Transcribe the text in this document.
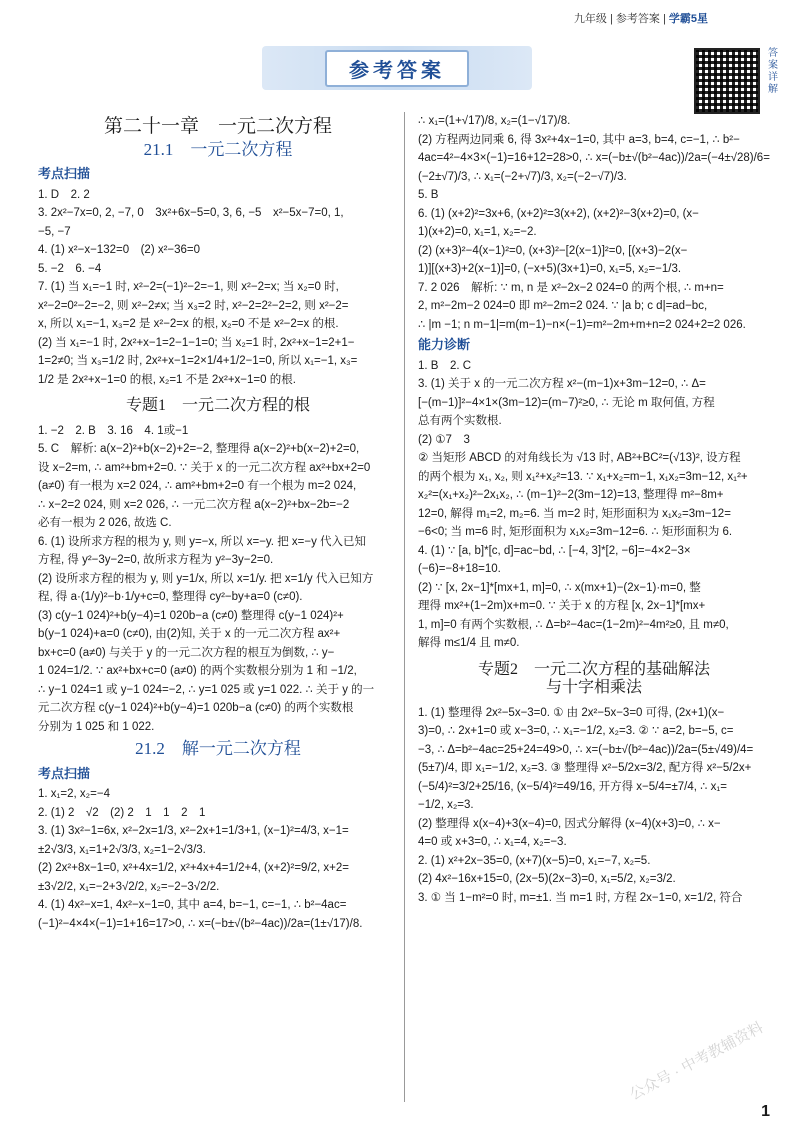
九年级 | 参考答案 | 学霸5星
答案详解
参考答案
第二十一章　一元二次方程
21.1　一元二次方程
考点扫描
1. D　2. 2
3. 2x²−7x=0, 2, −7, 0　3x²+6x−5=0, 3, 6, −5　x²−5x−7=0, 1,
−5, −7
4. (1) x²−x−132=0　(2) x²−36=0
5. −2　6. −4
7. (1) 当 x₁=−1 时, x²−2=(−1)²−2=−1, 则 x²−2=x; 当 x₂=0 时,
x²−2=0²−2=−2, 则 x²−2≠x; 当 x₃=2 时, x²−2=2²−2=2, 则 x²−2=
x, 所以 x₁=−1, x₃=2 是 x²−2=x 的根, x₂=0 不是 x²−2=x 的根.
(2) 当 x₁=−1 时, 2x²+x−1=2−1−1=0; 当 x₂=1 时, 2x²+x−1=2+1−
1=2≠0; 当 x₃=1/2 时, 2x²+x−1=2×1/4+1/2−1=0, 所以 x₁=−1, x₃=
1/2 是 2x²+x−1=0 的根, x₂=1 不是 2x²+x−1=0 的根.
专题1　一元二次方程的根
1. −2　2. B　3. 16　4. 1或−1
5. C　解析: a(x−2)²+b(x−2)+2=−2, 整理得 a(x−2)²+b(x−2)+2=0,
设 x−2=m, ∴ am²+bm+2=0. ∵ 关于 x 的一元二次方程 ax²+bx+2=0
(a≠0) 有一根为 x=2 024, ∴ am²+bm+2=0 有一个根为 m=2 024,
∴ x−2=2 024, 则 x=2 026, ∴ 一元二次方程 a(x−2)²+bx−2b=−2
必有一根为 2 026, 故选 C.
6. (1) 设所求方程的根为 y, 则 y=−x, 所以 x=−y. 把 x=−y 代入已知
方程, 得 y²−3y−2=0, 故所求方程为 y²−3y−2=0.
(2) 设所求方程的根为 y, 则 y=1/x, 所以 x=1/y. 把 x=1/y 代入已知方
程, 得 a·(1/y)²−b·1/y+c=0, 整理得 cy²−by+a=0 (c≠0).
(3) c(y−1 024)²+b(y−4)=1 020b−a (c≠0) 整理得 c(y−1 024)²+
b(y−1 024)+a=0 (c≠0), 由(2)知, 关于 x 的一元二次方程 ax²+
bx+c=0 (a≠0) 与关于 y 的一元二次方程的根互为倒数, ∴ y−
1 024=1/2. ∵ ax²+bx+c=0 (a≠0) 的两个实数根分别为 1 和 −1/2,
∴ y−1 024=1 或 y−1 024=−2, ∴ y=1 025 或 y=1 022. ∴ 关于 y 的一
元二次方程 c(y−1 024)²+b(y−4)=1 020b−a (c≠0) 的两个实数根
分别为 1 025 和 1 022.
21.2　解一元二次方程
考点扫描
1. x₁=2, x₂=−4
2. (1) 2　√2　(2) 2　1　1　2　1
3. (1) 3x²−1=6x, x²−2x=1/3, x²−2x+1=1/3+1, (x−1)²=4/3, x−1=
±2√3/3, x₁=1+2√3/3, x₂=1−2√3/3.
(2) 2x²+8x−1=0, x²+4x=1/2, x²+4x+4=1/2+4, (x+2)²=9/2, x+2=
±3√2/2, x₁=−2+3√2/2, x₂=−2−3√2/2.
4. (1) 4x²−x=1, 4x²−x−1=0, 其中 a=4, b=−1, c=−1, ∴ b²−4ac=
(−1)²−4×4×(−1)=1+16=17>0, ∴ x=(−b±√(b²−4ac))/2a=(1±√17)/8.
∴ x₁=(1+√17)/8, x₂=(1−√17)/8.
(2) 方程两边同乘 6, 得 3x²+4x−1=0, 其中 a=3, b=4, c=−1, ∴ b²−
4ac=4²−4×3×(−1)=16+12=28>0, ∴ x=(−b±√(b²−4ac))/2a=(−4±√28)/6=
(−2±√7)/3, ∴ x₁=(−2+√7)/3, x₂=(−2−√7)/3.
5. B
6. (1) (x+2)²=3x+6, (x+2)²=3(x+2), (x+2)²−3(x+2)=0, (x−
1)(x+2)=0, x₁=1, x₂=−2.
(2) (x+3)²−4(x−1)²=0, (x+3)²−[2(x−1)]²=0, [(x+3)−2(x−
1)][(x+3)+2(x−1)]=0, (−x+5)(3x+1)=0, x₁=5, x₂=−1/3.
7. 2 026　解析: ∵ m, n 是 x²−2x−2 024=0 的两个根, ∴ m+n=
2, m²−2m−2 024=0 即 m²−2m=2 024. ∵ |a b; c d|=ad−bc,
∴ |m −1; n m−1|=m(m−1)−n×(−1)=m²−2m+m+n=2 024+2=2 026.
能力诊断
1. B　2. C
3. (1) 关于 x 的一元二次方程 x²−(m−1)x+3m−12=0, ∴ Δ=
[−(m−1)]²−4×1×(3m−12)=(m−7)²≥0, ∴ 无论 m 取何值, 方程
总有两个实数根.
(2) ①7　3
② 当矩形 ABCD 的对角线长为 √13 时, AB²+BC²=(√13)², 设方程
的两个根为 x₁, x₂, 则 x₁²+x₂²=13. ∵ x₁+x₂=m−1, x₁x₂=3m−12, x₁²+
x₂²=(x₁+x₂)²−2x₁x₂, ∴ (m−1)²−2(3m−12)=13, 整理得 m²−8m+
12=0, 解得 m₁=2, m₂=6. 当 m=2 时, 矩形面积为 x₁x₂=3m−12=
−6<0; 当 m=6 时, 矩形面积为 x₁x₂=3m−12=6. ∴ 矩形面积为 6.
4. (1) ∵ [a, b]*[c, d]=ac−bd, ∴ [−4, 3]*[2, −6]=−4×2−3×
(−6)=−8+18=10.
(2) ∵ [x, 2x−1]*[mx+1, m]=0, ∴ x(mx+1)−(2x−1)·m=0, 整
理得 mx²+(1−2m)x+m=0. ∵ 关于 x 的方程 [x, 2x−1]*[mx+
1, m]=0 有两个实数根, ∴ Δ=b²−4ac=(1−2m)²−4m²≥0, 且 m≠0,
解得 m≤1/4 且 m≠0.
专题2　一元二次方程的基础解法
与十字相乘法
1. (1) 整理得 2x²−5x−3=0. ① 由 2x²−5x−3=0 可得, (2x+1)(x−
3)=0, ∴ 2x+1=0 或 x−3=0, ∴ x₁=−1/2, x₂=3. ② ∵ a=2, b=−5, c=
−3, ∴ Δ=b²−4ac=25+24=49>0, ∴ x=(−b±√(b²−4ac))/2a=(5±√49)/4=
(5±7)/4, 即 x₁=−1/2, x₂=3. ③ 整理得 x²−5/2x=3/2, 配方得 x²−5/2x+
(−5/4)²=3/2+25/16, (x−5/4)²=49/16, 开方得 x−5/4=±7/4, ∴ x₁=
−1/2, x₂=3.
(2) 整理得 x(x−4)+3(x−4)=0, 因式分解得 (x−4)(x+3)=0, ∴ x−
4=0 或 x+3=0, ∴ x₁=4, x₂=−3.
2. (1) x²+2x−35=0, (x+7)(x−5)=0, x₁=−7, x₂=5.
(2) 4x²−16x+15=0, (2x−5)(2x−3)=0, x₁=5/2, x₂=3/2.
3. ① 当 1−m²=0 时, m=±1. 当 m=1 时, 方程 2x−1=0, x=1/2, 符合
公众号 · 中考教辅资料
1
